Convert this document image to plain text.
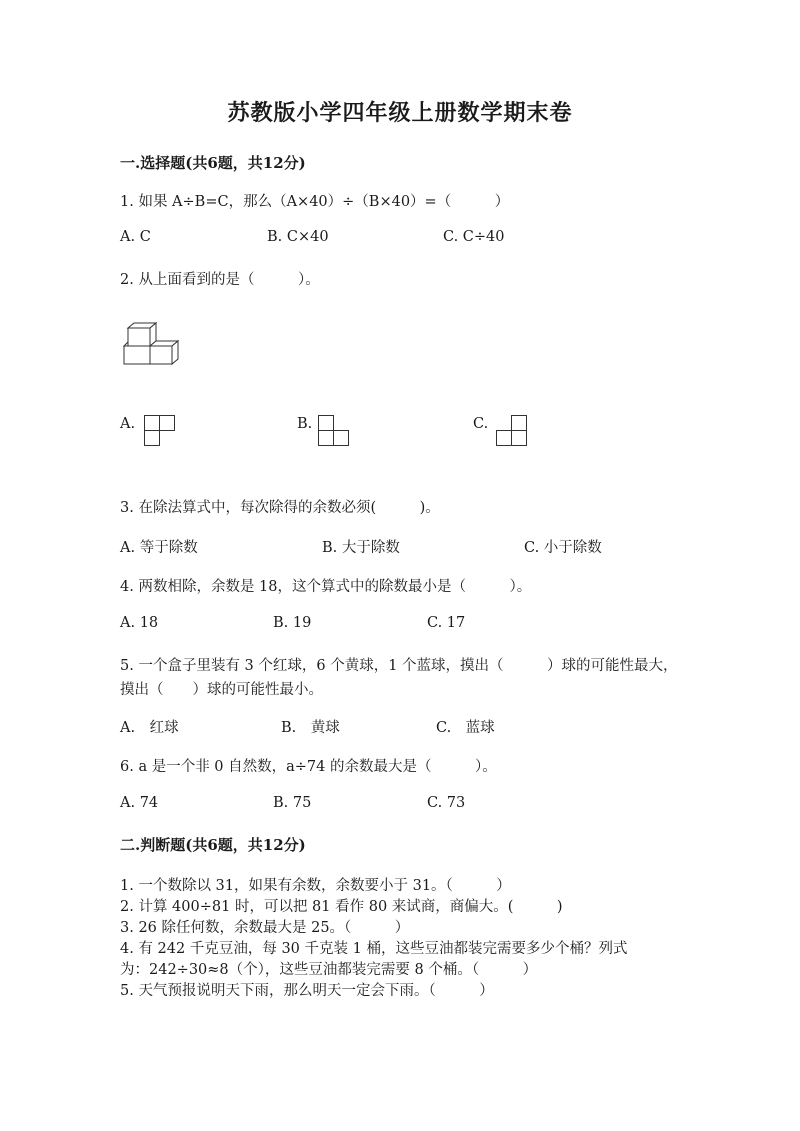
苏教版小学四年级上册数学期末卷
一.选择题(共6题，共12分)
1. 如果 A÷B=C，那么（A×40）÷（B×40）=（　　　）
A. C	B. C×40	C. C÷40
2. 从上面看到的是（　　　）。
A.	B.	C.
3. 在除法算式中，每次除得的余数必须(　　　)。
A. 等于除数	B. 大于除数	C. 小于除数
4. 两数相除，余数是 18，这个算式中的除数最小是（　　　）。
A. 18	B. 19	C. 17
5. 一个盒子里装有 3 个红球，6 个黄球，1 个蓝球，摸出（　　　）球的可能性最大，摸出（　　）球的可能性最小。
A.　红球	B.　黄球	C.　蓝球
6. a 是一个非 0 自然数，a÷74 的余数最大是（　　　）。
A. 74	B. 75	C. 73
二.判断题(共6题，共12分)
1. 一个数除以 31，如果有余数，余数要小于 31。（　　　）
2. 计算 400÷81 时，可以把 81 看作 80 来试商，商偏大。(　　　)
3. 26 除任何数，余数最大是 25。（　　　）
4. 有 242 千克豆油，每 30 千克装 1 桶，这些豆油都装完需要多少个桶？列式
为：242÷30≈8（个），这些豆油都装完需要 8 个桶。（　　　）
5. 天气预报说明天下雨，那么明天一定会下雨。（　　　）
